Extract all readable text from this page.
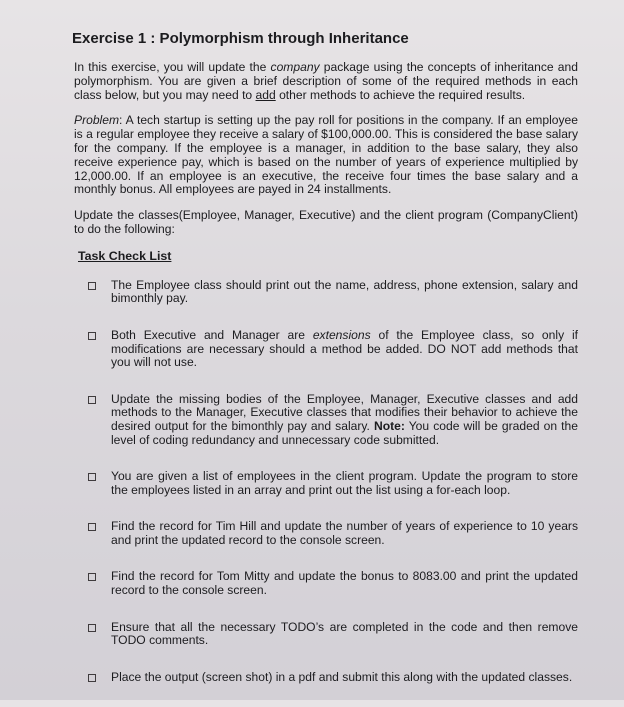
Exercise 1 : Polymorphism through Inheritance

In this exercise, you will update the company package using the concepts of inheritance and polymorphism. You are given a brief description of some of the required methods in each class below, but you may need to add other methods to achieve the required results.

Problem: A tech startup is setting up the pay roll for positions in the company. If an employee is a regular employee they receive a salary of $100,000.00. This is considered the base salary for the company. If the employee is a manager, in addition to the base salary, they also receive experience pay, which is based on the number of years of experience multiplied by 12,000.00. If an employee is an executive, the receive four times the base salary and a monthly bonus. All employees are payed in 24 installments.

Update the classes(Employee, Manager, Executive) and the client program (CompanyClient) to do the following:

Task Check List
The Employee class should print out the name, address, phone extension, salary and bimonthly pay.
Both Executive and Manager are extensions of the Employee class, so only if modifications are necessary should a method be added. DO NOT add methods that you will not use.
Update the missing bodies of the Employee, Manager, Executive classes and add methods to the Manager, Executive classes that modifies their behavior to achieve the desired output for the bimonthly pay and salary. Note: You code will be graded on the level of coding redundancy and unnecessary code submitted.
You are given a list of employees in the client program. Update the program to store the employees listed in an array and print out the list using a for-each loop.
Find the record for Tim Hill and update the number of years of experience to 10 years and print the updated record to the console screen.
Find the record for Tom Mitty and update the bonus to 8083.00 and print the updated record to the console screen.
Ensure that all the necessary TODO’s are completed in the code and then remove TODO comments.
Place the output (screen shot) in a pdf and submit this along with the updated classes.
